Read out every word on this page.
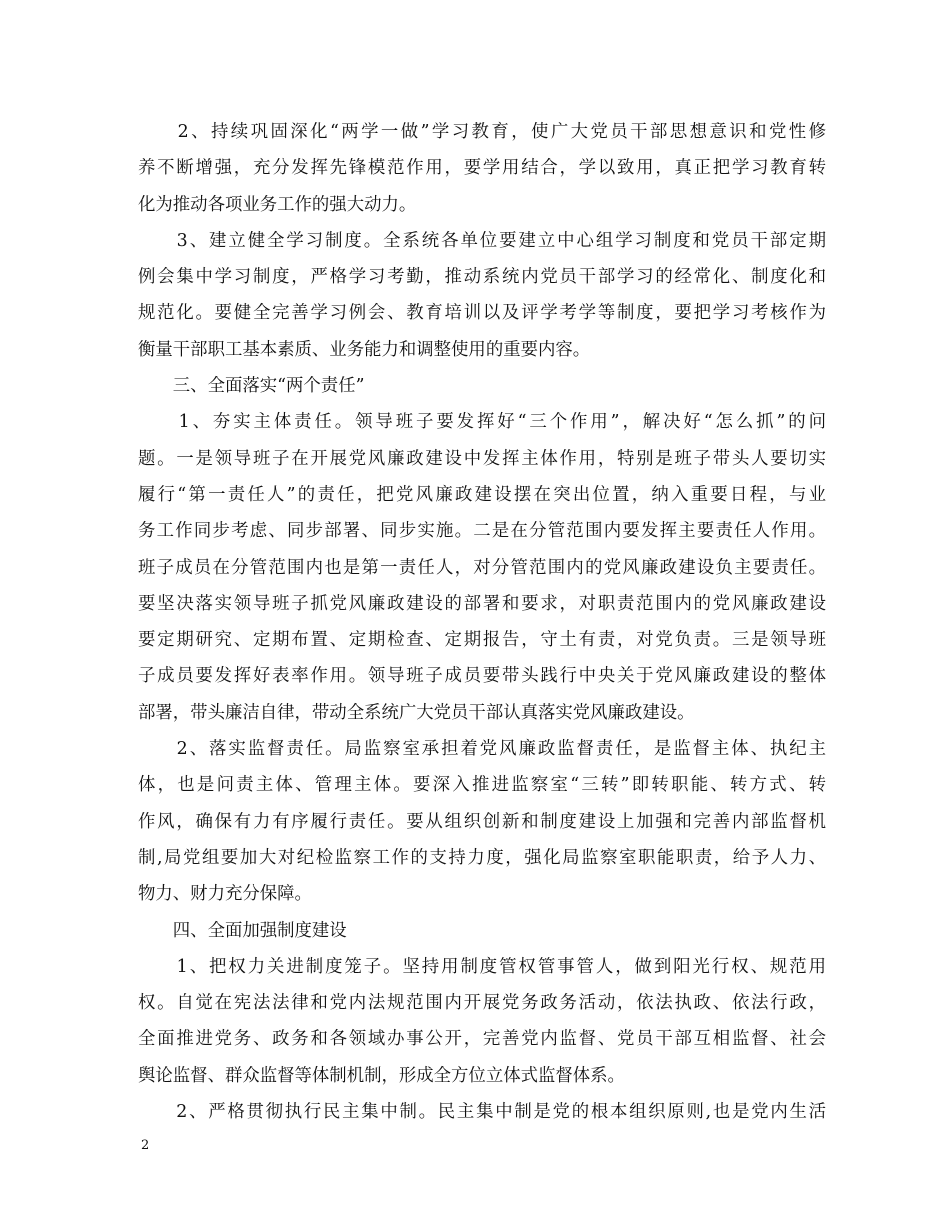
　　2、持续巩固深化“两学一做”学习教育，使广大党员干部思想意识和党性修
养不断增强，充分发挥先锋模范作用，要学用结合，学以致用，真正把学习教育转
化为推动各项业务工作的强大动力。
　　3、建立健全学习制度。全系统各单位要建立中心组学习制度和党员干部定期
例会集中学习制度，严格学习考勤，推动系统内党员干部学习的经常化、制度化和
规范化。要健全完善学习例会、教育培训以及评学考学等制度，要把学习考核作为
衡量干部职工基本素质、业务能力和调整使用的重要内容。
　　三、全面落实“两个责任”
　　1、夯实主体责任。领导班子要发挥好“三个作用”，解决好“怎么抓”的问
题。一是领导班子在开展党风廉政建设中发挥主体作用，特别是班子带头人要切实
履行“第一责任人”的责任，把党风廉政建设摆在突出位置，纳入重要日程，与业
务工作同步考虑、同步部署、同步实施。二是在分管范围内要发挥主要责任人作用。
班子成员在分管范围内也是第一责任人，对分管范围内的党风廉政建设负主要责任。
要坚决落实领导班子抓党风廉政建设的部署和要求，对职责范围内的党风廉政建设
要定期研究、定期布置、定期检查、定期报告，守土有责，对党负责。三是领导班
子成员要发挥好表率作用。领导班子成员要带头践行中央关于党风廉政建设的整体
部署，带头廉洁自律，带动全系统广大党员干部认真落实党风廉政建设。
　　2、落实监督责任。局监察室承担着党风廉政监督责任，是监督主体、执纪主
体，也是问责主体、管理主体。要深入推进监察室“三转”即转职能、转方式、转
作风，确保有力有序履行责任。要从组织创新和制度建设上加强和完善内部监督机
制,局党组要加大对纪检监察工作的支持力度，强化局监察室职能职责，给予人力、
物力、财力充分保障。
　　四、全面加强制度建设
　　1、把权力关进制度笼子。坚持用制度管权管事管人，做到阳光行权、规范用
权。自觉在宪法法律和党内法规范围内开展党务政务活动，依法执政、依法行政，
全面推进党务、政务和各领域办事公开，完善党内监督、党员干部互相监督、社会
舆论监督、群众监督等体制机制，形成全方位立体式监督体系。
　　2、严格贯彻执行民主集中制。民主集中制是党的根本组织原则,也是党内生活
2
